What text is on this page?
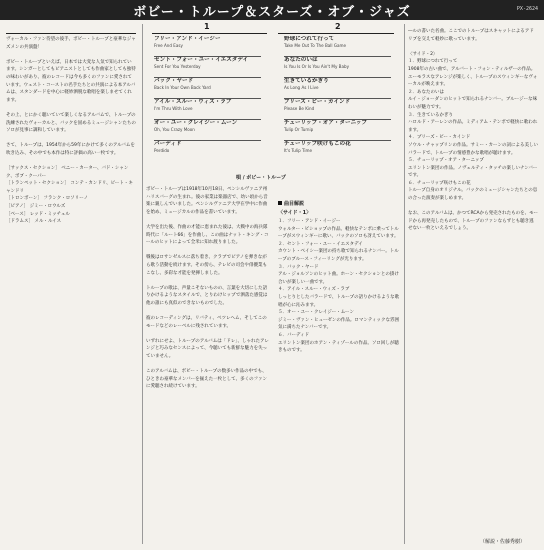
ボビー・トループ＆スターズ・オブ・ジャズ	PX-2624
ヴォーカル・ファン待望の彼手、ボビー・トループと豪華なジャズメンの共演盤！

ボビー・トループといえば、日本では大変な人気で知られています。シンガーとしてもピアニストとしても作曲家としても独特の味わいがあり、彼のレコードは今も多くのファンに愛されています。ウェスト・コーストの名手たちとの共演による本アルバムは、スタンダードを中心に軽妙洒脱な歌唱を楽しませてくれます。

その上、とにかく聴いていて楽しくなるアルバムで、トループの洗練されたヴォーカルと、バックを固めるミュージシャンたちのソロが見事に調和しています。

さて、トループは、1954年から59年にかけて多くのアルバムを吹き込み、その中でも本作は特に評価の高い一枚です。

［サックス・セクション］ ベニー・カーター、バド・シャンク、ボブ・クーパー
［トランペット・セクション］ コンテ・カンドリ、ピート・キャンドリ
［トロンボーン］ フランク・ロソリーノ
［ピアノ］ ジミー・ロウルズ
［ベース］ レッド・ミッチェル
［ドラムス］ メル・ルイス
1	2
フリー・アンド・イージー
Free And Easy
セント・フォー・ユー・イエスタデイ
Sent For You Yesterday
バック・ヤード
Back In Your Own Back Yard
アイル・スルー・ウィズ・ラブ
I'm Thru With Love
オー・ユー・クレイジー・ムーン
Oh, You Crazy Moon
バーディド
Perdido
野球につれて行って
Take Me Out To The Ball Game
あなたのいは
Is You Is Or Is You Ain't My Baby
生きているかぎり
As Long As I Live
プリーズ・ビー・カインド
Please Be Kind
チューリップ・オア・ターニップ
Tulip Or Turnip
チューリップ咲けもこの花
It's Tulip Time
唄 / ボビー・トループ
ボビー・トループは1918年10月18日、ペンシルヴァニア州ハリスバーグの生まれ。彼の家業は楽器店で、幼い頃から音楽に親しんでいました。ペンシルヴァニア大学在学中に作曲を始め、ミュージカルの作品を書いています。

大学を出た後、作曲の才能に恵まれた彼は、大戦中の海兵隊時代に「ルート66」を作曲し、この曲はナット・キング・コールのヒットによって全米に知れ渡りました。

戦後はロサンゼルスに落ち着き、クラブでピアノを弾きながら歌う活動を続けます。その傍ら、テレビの司会や俳優業もこなし、多彩な才能を発揮しました。

トループの歌は、声量こそないものの、言葉を大切にした語りかけるようなスタイルで、とりわけヒップで洒落た感覚は他の誰にも真似のできないものでした。

彼のレコーディングは、リバティ、ベツレヘム、そしてこのモードなどのレーベルに残されています。

いずれにせよ、トループのアルバムは「ドレ」、しゃれたアレンジと巧みなセンスによって、今聴いても新鮮な魅力を失っていません。

このアルバムは、ボビー・トループの数多い作品の中でも、ひときわ豪華なメンバーを揃えた一枚として、多くのファンに愛聴され続けています。
曲目解説
〈サイド・1〉
１．フリー・アンド・イージー
ウォルター・ビショップの作品。軽快なテンポに乗ってトループがスウィンギーに歌い、バックのソロも冴えています。
２．セント・フォー・ユー・イエスタデイ
カウント・ベイシー楽団の持ち歌で知られるナンバー。トループのブルース・フィーリングが光ります。
３．バック・ヤード
アル・ジョルソンのヒット曲。ホーン・セクションとの掛け合いが楽しい一曲です。
４．アイル・スルー・ウィズ・ラブ
しっとりとしたバラードで、トループの語りかけるような歌唱が心に沁みます。
５．オー・ユー・クレイジー・ムーン
ジミー・ヴァン・ヒューゼンの作品。ロマンティックな雰囲気に満ちたナンバーです。
６．バーディド
エリントン楽団のホアン・ティゾールの作品。ソロ回しが聴きものです。
―ルの書いた名曲。ここでのトループはスキャットによるアドリブを交えて軽妙に歌っています。

〈サイド・2〉
１．野球につれて行って
1908年の古い曲で、アルバート・フォン・ティルザーの作品。ユーモラスなアレンジが楽しく、トループのスウィンギーなヴォーカルが映えます。
２．あなたのいは
ルイ・ジョーダンのヒットで知られるナンバー。ブルージーな味わいが魅力です。
３．生きているかぎり
ハロルド・アーレンの作品。ミディアム・テンポで軽快に歌われます。
４．プリーズ・ビー・カインド
ソウル・チャップリンの作品。サミー・カーンの詞による美しいバラードで、トループの情感豊かな歌唱が聴けます。
５．チューリップ・オア・ターニップ
エリントン楽団の作品。ノヴェルティ・タッチの楽しいナンバーです。
６．チューリップ咲けもこの花
トループ自身のオリジナル。バックのミュージシャンたちとの息の合った演奏が楽しめます。

なお、このアルバムは、かつてRCAから発売されたものを、モードから再発売したもので、トループのファンならずとも聴き逃せない一枚といえるでしょう。
（解説・佐藤秀樹）
